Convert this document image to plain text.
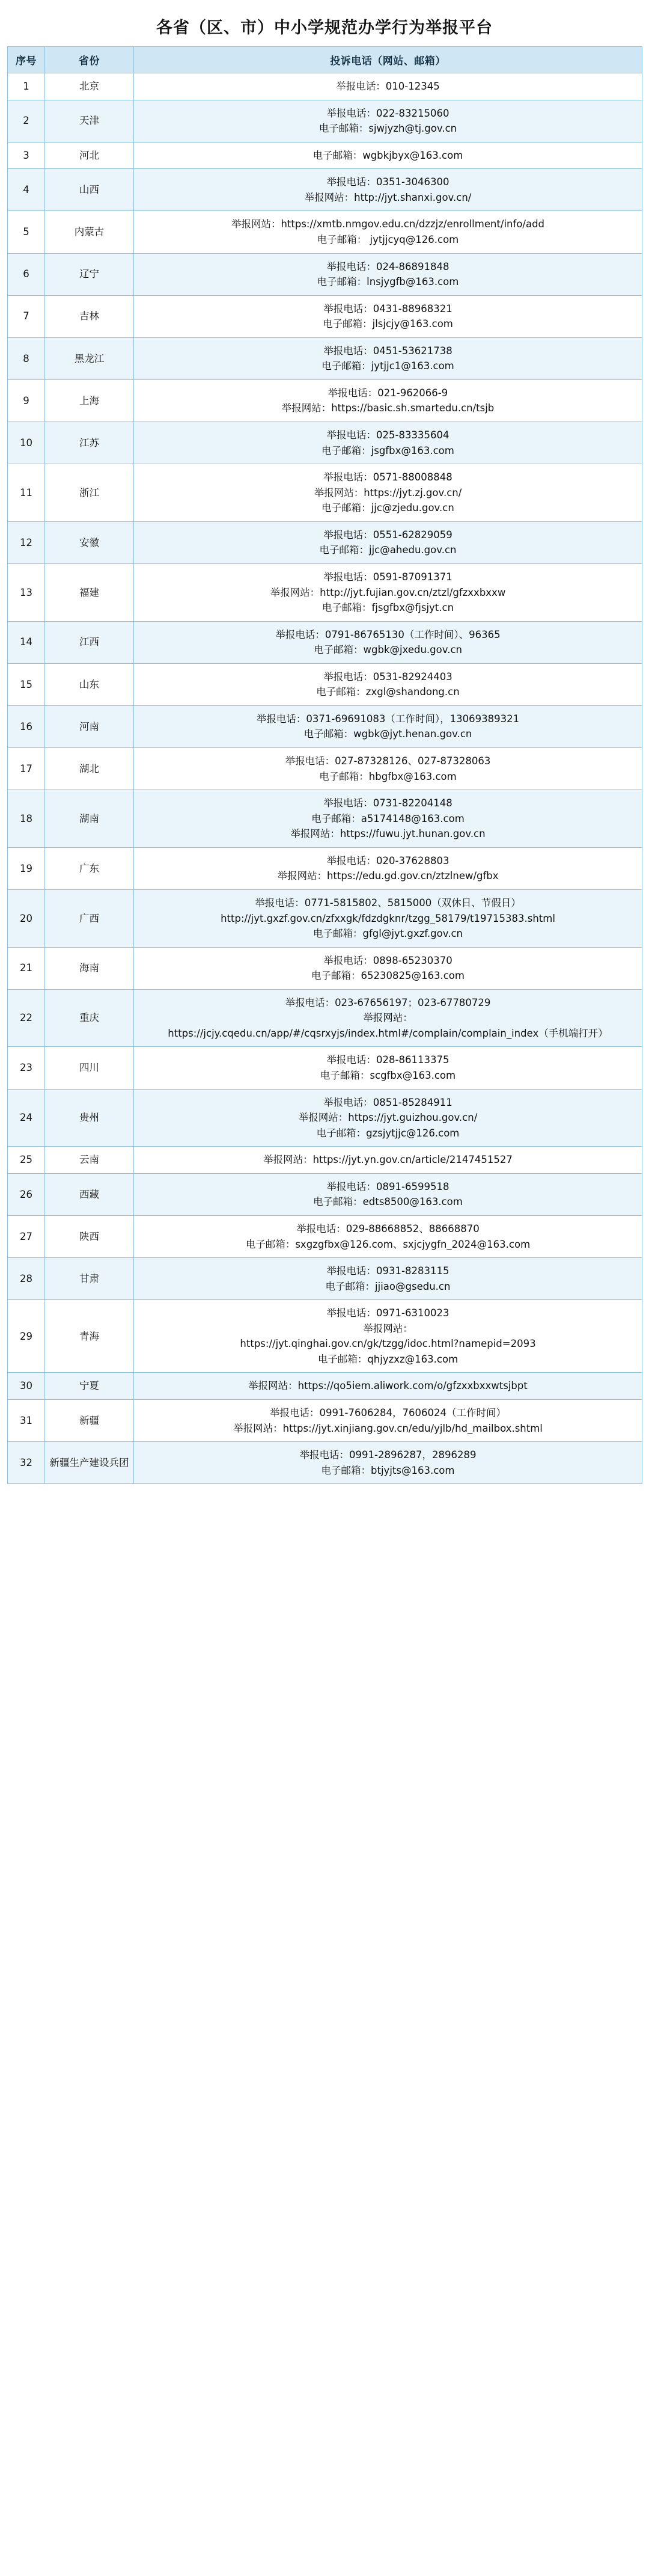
各省（区、市）中小学规范办学行为举报平台
序号	省份	投诉电话（网站、邮箱）
1	北京	举报电话：010-12345

2	天津	举报电话：022-83215060
电子邮箱：sjwjyzh@tj.gov.cn

3	河北	电子邮箱：wgbkjbyx@163.com

4	山西	举报电话：0351-3046300
举报网站：http://jyt.shanxi.gov.cn/

5	内蒙古	举报网站：https://xmtb.nmgov.edu.cn/dzzjz/enrollment/info/add
电子邮箱： jytjjcyq@126.com

6	辽宁	举报电话：024-86891848
电子邮箱：lnsjygfb@163.com

7	吉林	举报电话：0431-88968321
电子邮箱：jlsjcjy@163.com

8	黑龙江	举报电话：0451-53621738
电子邮箱：jytjjc1@163.com

9	上海	举报电话：021-962066-9
举报网站：https://basic.sh.smartedu.cn/tsjb

10	江苏	举报电话：025-83335604
电子邮箱：jsgfbx@163.com

11	浙江	举报电话：0571-88008848
举报网站：https://jyt.zj.gov.cn/
电子邮箱：jjc@zjedu.gov.cn

12	安徽	举报电话：0551-62829059
电子邮箱：jjc@ahedu.gov.cn

13	福建	举报电话：0591-87091371
举报网站：http://jyt.fujian.gov.cn/ztzl/gfzxxbxxw
电子邮箱：fjsgfbx@fjsjyt.cn

14	江西	举报电话：0791-86765130（工作时间）、96365
电子邮箱：wgbk@jxedu.gov.cn

15	山东	举报电话：0531-82924403
电子邮箱：zxgl@shandong.cn

16	河南	举报电话：0371-69691083（工作时间），13069389321
电子邮箱：wgbk@jyt.henan.gov.cn

17	湖北	举报电话：027-87328126、027-87328063
电子邮箱：hbgfbx@163.com

18	湖南	举报电话：0731-82204148
电子邮箱：a5174148@163.com
举报网站：https://fuwu.jyt.hunan.gov.cn

19	广东	举报电话：020-37628803
举报网站：https://edu.gd.gov.cn/ztzlnew/gfbx

20	广西	举报电话：0771-5815802、5815000（双休日、节假日）
http://jyt.gxzf.gov.cn/zfxxgk/fdzdgknr/tzgg_58179/t19715383.shtml
电子邮箱：gfgl@jyt.gxzf.gov.cn

21	海南	举报电话：0898-65230370
电子邮箱：65230825@163.com

22	重庆	举报电话：023-67656197；023-67780729
举报网站：
https://jcjy.cqedu.cn/app/#/cqsrxyjs/index.html#/complain/complain_index（手机端打开）

23	四川	举报电话：028-86113375
电子邮箱：scgfbx@163.com

24	贵州	举报电话：0851-85284911
举报网站：https://jyt.guizhou.gov.cn/
电子邮箱：gzsjytjjc@126.com

25	云南	举报网站：https://jyt.yn.gov.cn/article/2147451527

26	西藏	举报电话：0891-6599518
电子邮箱：edts8500@163.com

27	陕西	举报电话：029-88668852、88668870
电子邮箱：sxgzgfbx@126.com、sxjcjygfn_2024@163.com

28	甘肃	举报电话：0931-8283115
电子邮箱：jjiao@gsedu.cn

29	青海	举报电话：0971-6310023
举报网站：
https://jyt.qinghai.gov.cn/gk/tzgg/idoc.html?namepid=2093
电子邮箱：qhjyzxz@163.com

30	宁夏	举报网站：https://qo5iem.aliwork.com/o/gfzxxbxxwtsjbpt

31	新疆	举报电话：0991-7606284，7606024（工作时间）
举报网站：https://jyt.xinjiang.gov.cn/edu/yjlb/hd_mailbox.shtml

32	新疆生产建设兵团	举报电话：0991-2896287，2896289
电子邮箱：btjyjts@163.com
